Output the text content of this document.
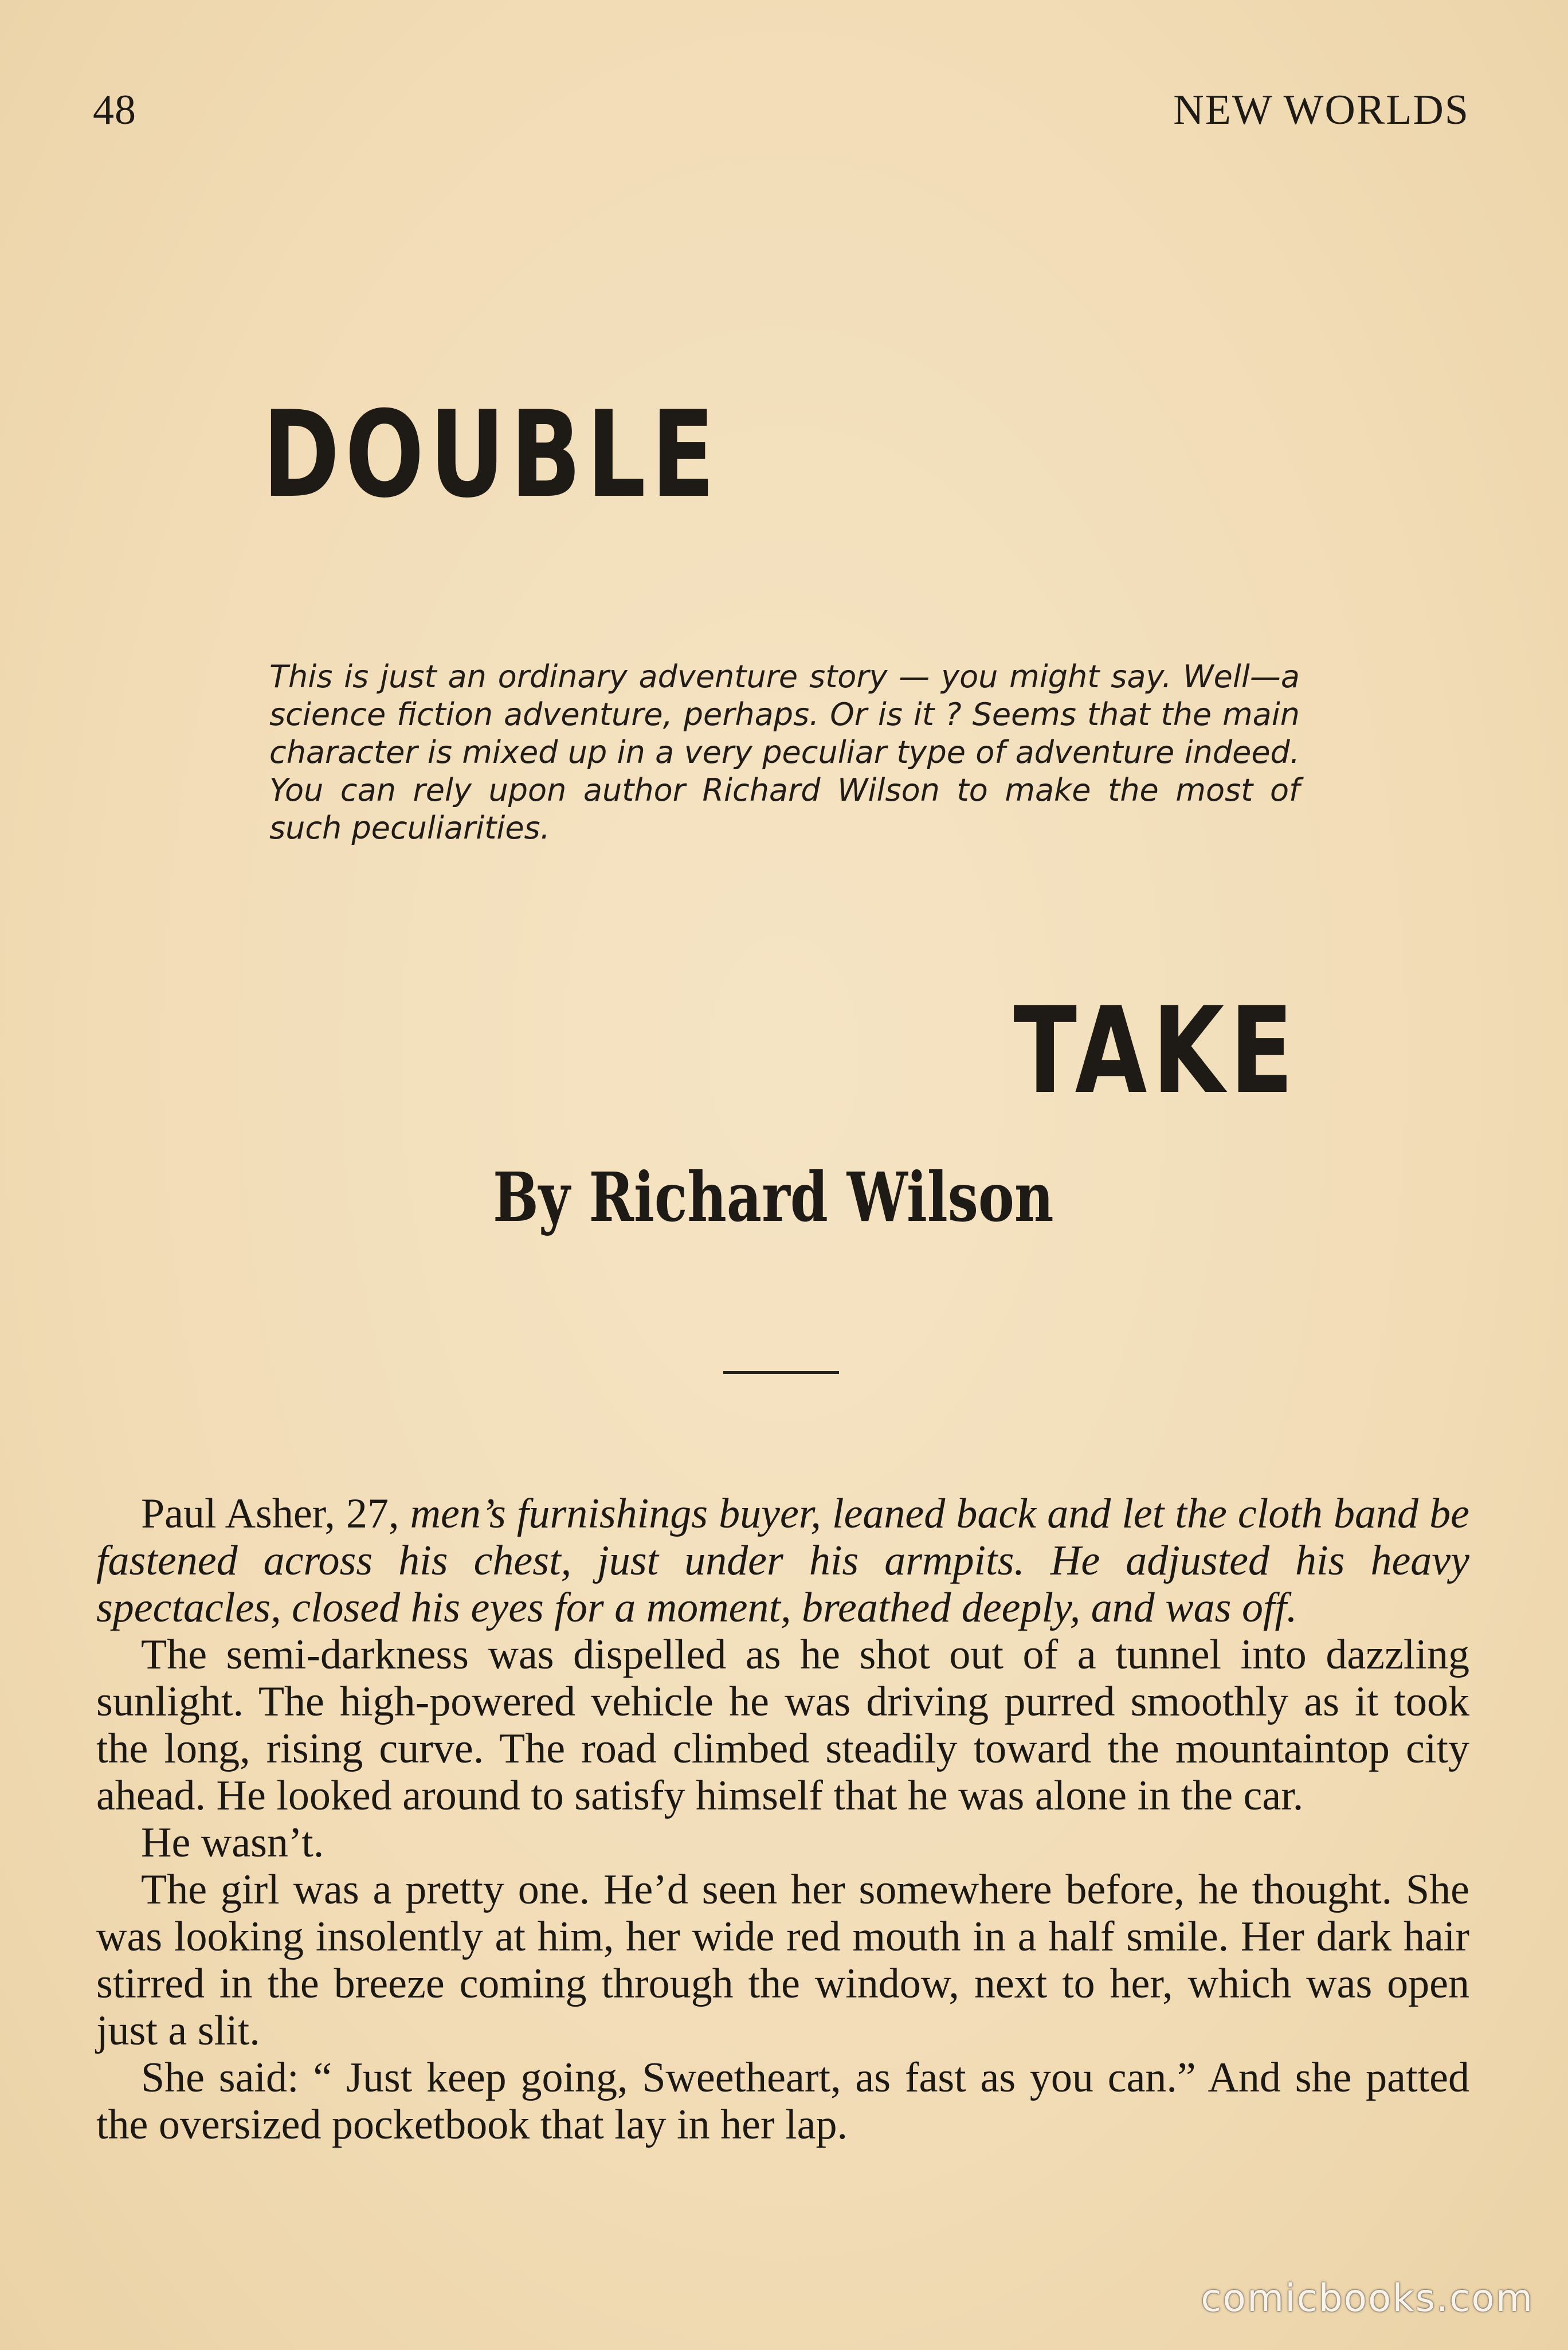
48	NEW WORLDS
DOUBLE
This is just an ordinary adventure story — you might say. Well—a science fiction adventure, perhaps. Or is it ? Seems that the main character is mixed up in a very peculiar type of adventure indeed. You can rely upon author Richard Wilson to make the most of such peculiarities.
TAKE
By Richard Wilson

Paul Asher, 27, men’s furnishings buyer, leaned back and let the cloth band be fastened across his chest, just under his armpits. He adjusted his heavy spectacles, closed his eyes for a moment, breathed deeply, and was off.

The semi-darkness was dispelled as he shot out of a tunnel into dazzling sunlight. The high-powered vehicle he was driving purred smoothly as it took the long, rising curve. The road climbed steadily toward the mountaintop city ahead. He looked around to satisfy himself that he was alone in the car.

He wasn’t.

The girl was a pretty one. He’d seen her somewhere before, he thought. She was looking insolently at him, her wide red mouth in a half smile. Her dark hair stirred in the breeze coming through the window, next to her, which was open just a slit.

She said: “ Just keep going, Sweetheart, as fast as you can.” And she patted the oversized pocketbook that lay in her lap.

comicbooks.com
